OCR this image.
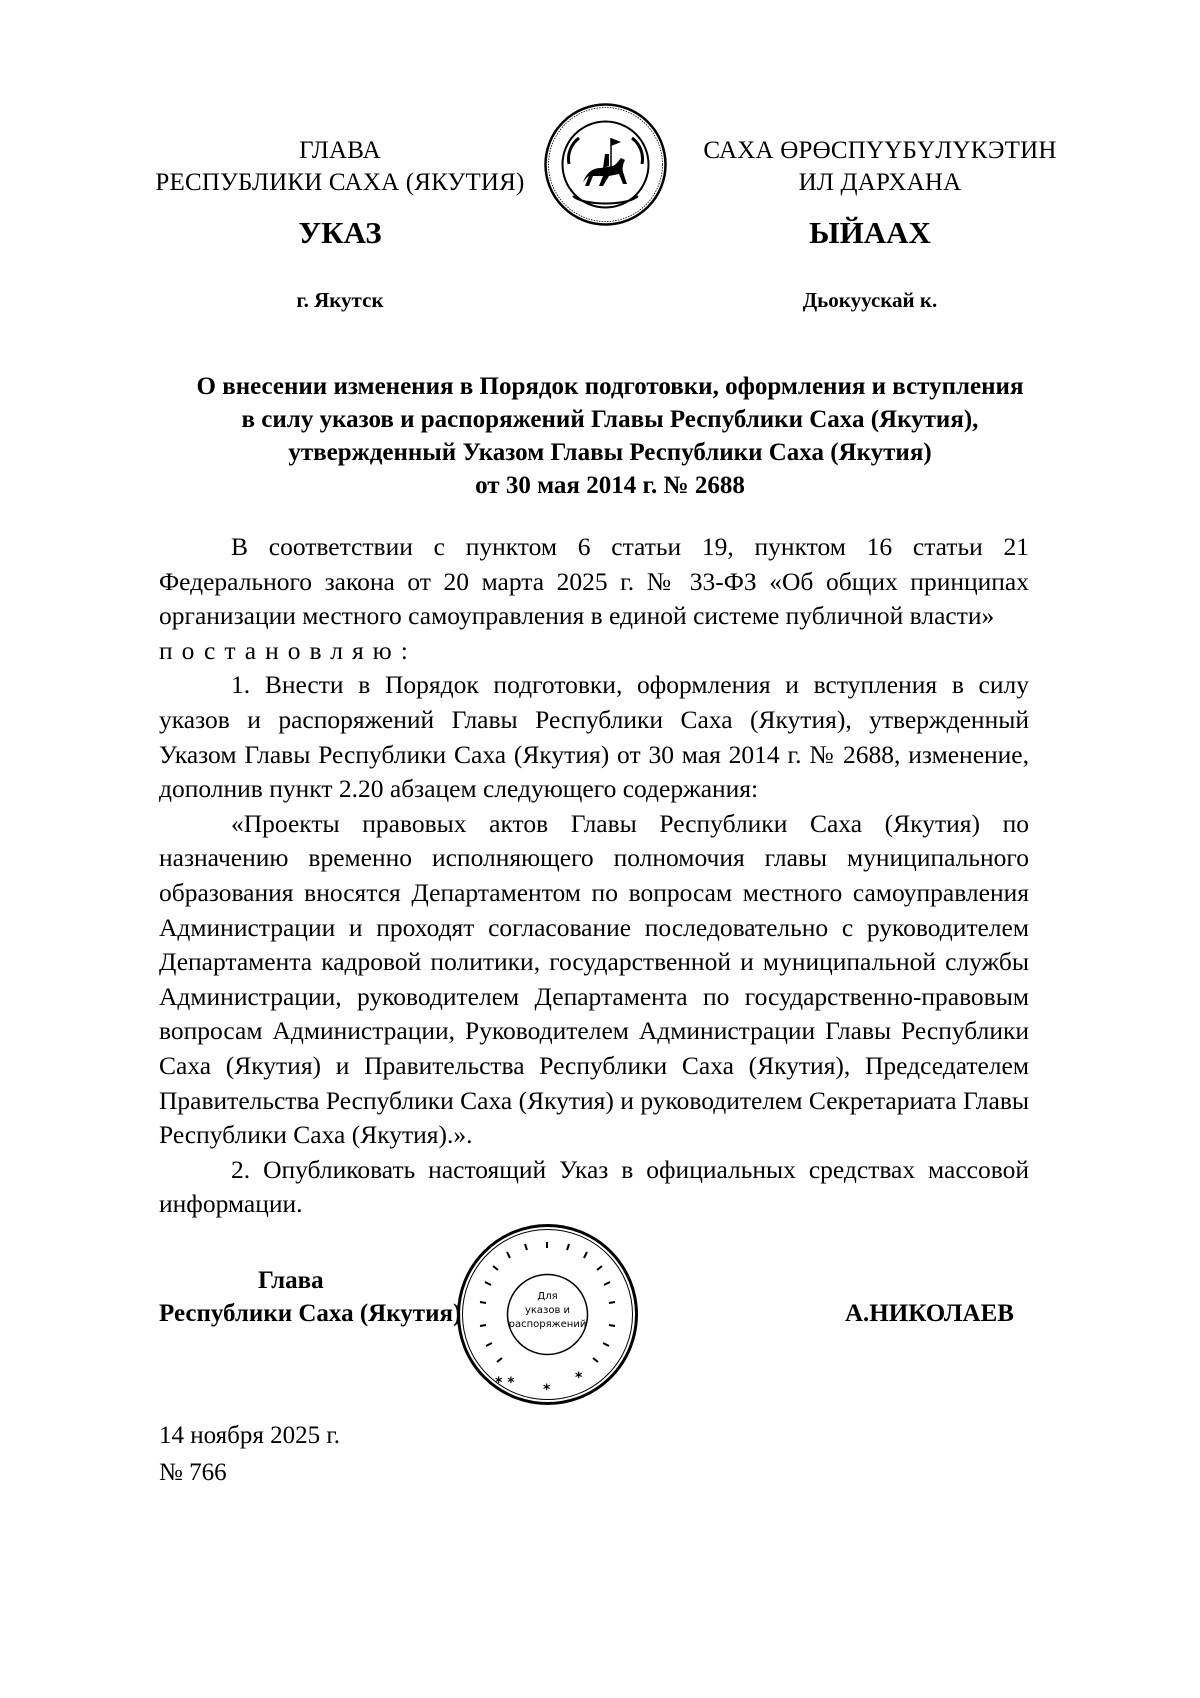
ГЛАВА
РЕСПУБЛИКИ САХА (ЯКУТИЯ)
САХА ӨРӨСПҮҮБҮЛҮКЭТИН
ИЛ ДАРХАНА
УКАЗ	ЫЙААХ
г. Якутск	Дьокуускай к.
О внесении изменения в Порядок подготовки, оформления и вступления
в силу указов и распоряжений Главы Республики Саха (Якутия),
утвержденный Указом Главы Республики Саха (Якутия)
от 30 мая 2014 г. № 2688

В соответствии с пунктом 6 статьи 19, пунктом 16 статьи 21 Федерального закона от 20 марта 2025 г. № 33-ФЗ «Об общих принципах организации местного самоуправления в единой системе публичной власти»

постановляю:

1. Внести в Порядок подготовки, оформления и вступления в силу указов и распоряжений Главы Республики Саха (Якутия), утвержденный Указом Главы Республики Саха (Якутия) от 30 мая 2014 г. № 2688, изменение, дополнив пункт 2.20 абзацем следующего содержания:

«Проекты правовых актов Главы Республики Саха (Якутия) по назначению временно исполняющего полномочия главы муниципального образования вносятся Департаментом по вопросам местного самоуправления Администрации и проходят согласование последовательно с руководителем Департамента кадровой политики, государственной и муниципальной службы Администрации, руководителем Департамента по государственно-правовым вопросам Администрации, Руководителем Администрации Главы Республики Саха (Якутия) и Правительства Республики Саха (Якутия), Председателем Правительства Республики Саха (Якутия) и руководителем Секретариата Главы Республики Саха (Якутия).».

2. Опубликовать настоящий Указ в официальных средствах массовой информации.

Глава
Республики Саха (Якутия)	А.НИКОЛАЕВ
* *	*
*
Для
указов и
распоряжений
14 ноября 2025 г.
№ 766
